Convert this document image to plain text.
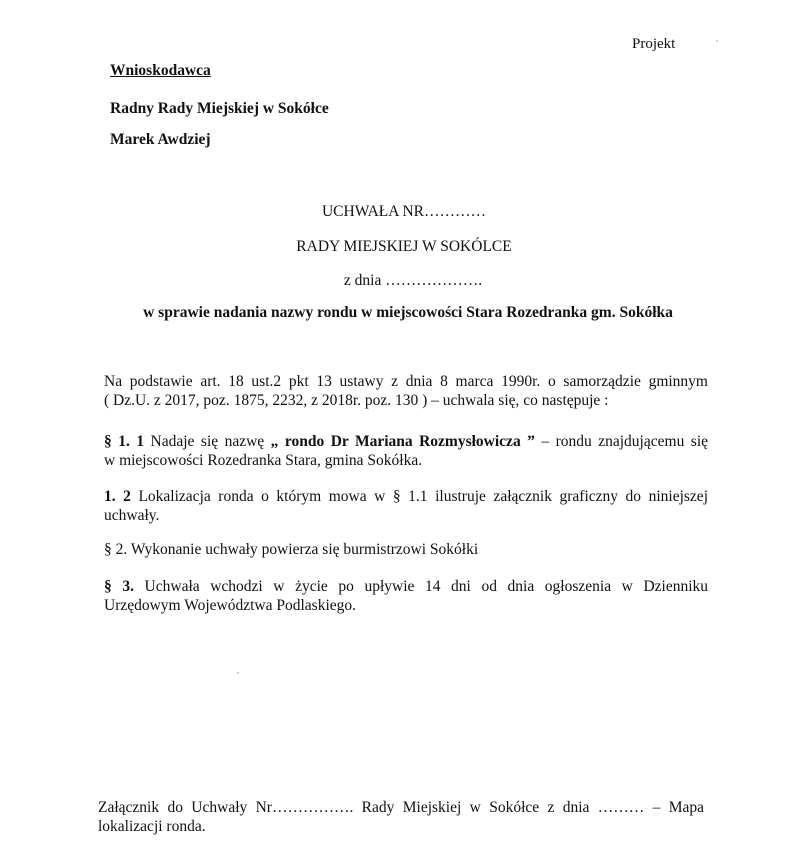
Projekt
Wnioskodawca
Radny Rady Miejskiej w Sokółce
Marek Awdziej
UCHWAŁA NR…………
RADY MIEJSKIEJ W SOKÓLCE
z dnia ……………….
w sprawie nadania nazwy rondu w miejscowości Stara Rozedranka gm. Sokółka
Na podstawie art. 18 ust.2 pkt 13 ustawy z dnia 8 marca 1990r. o samorządzie gminnym
( Dz.U. z 2017, poz. 1875, 2232, z 2018r. poz. 130 ) – uchwala się, co następuje :
§ 1. 1 Nadaje się nazwę „ rondo Dr Mariana Rozmysłowicza ” – rondu znajdującemu się
w miejscowości Rozedranka Stara, gmina Sokółka.
1. 2 Lokalizacja ronda o którym mowa w § 1.1 ilustruje załącznik graficzny do niniejszej
uchwały.
§ 2. Wykonanie uchwały powierza się burmistrzowi Sokółki
§ 3. Uchwała wchodzi w życie po upływie 14 dni od dnia ogłoszenia w Dzienniku
Urzędowym Województwa Podlaskiego.
Załącznik do Uchwały Nr……………. Rady Miejskiej w Sokółce z dnia ……… – Mapa
lokalizacji ronda.
